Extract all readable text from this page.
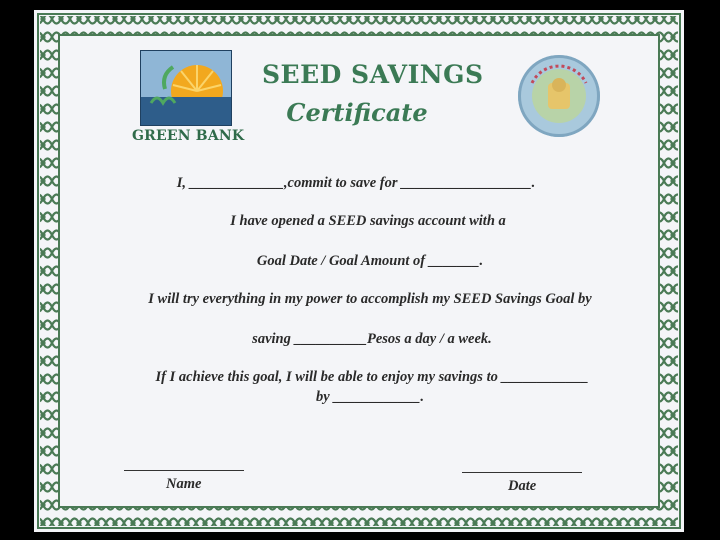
GREEN BANK
SEED SAVINGS
Certificate
I, _____________,commit to save for __________________.
I have opened a SEED savings account with a
Goal Date / Goal Amount of _______.
I will try everything in my power to accomplish my SEED Savings Goal by
saving __________Pesos a day / a week.
If I achieve this goal, I will be able to enjoy my savings to ____________
by ____________.
Name	Date
